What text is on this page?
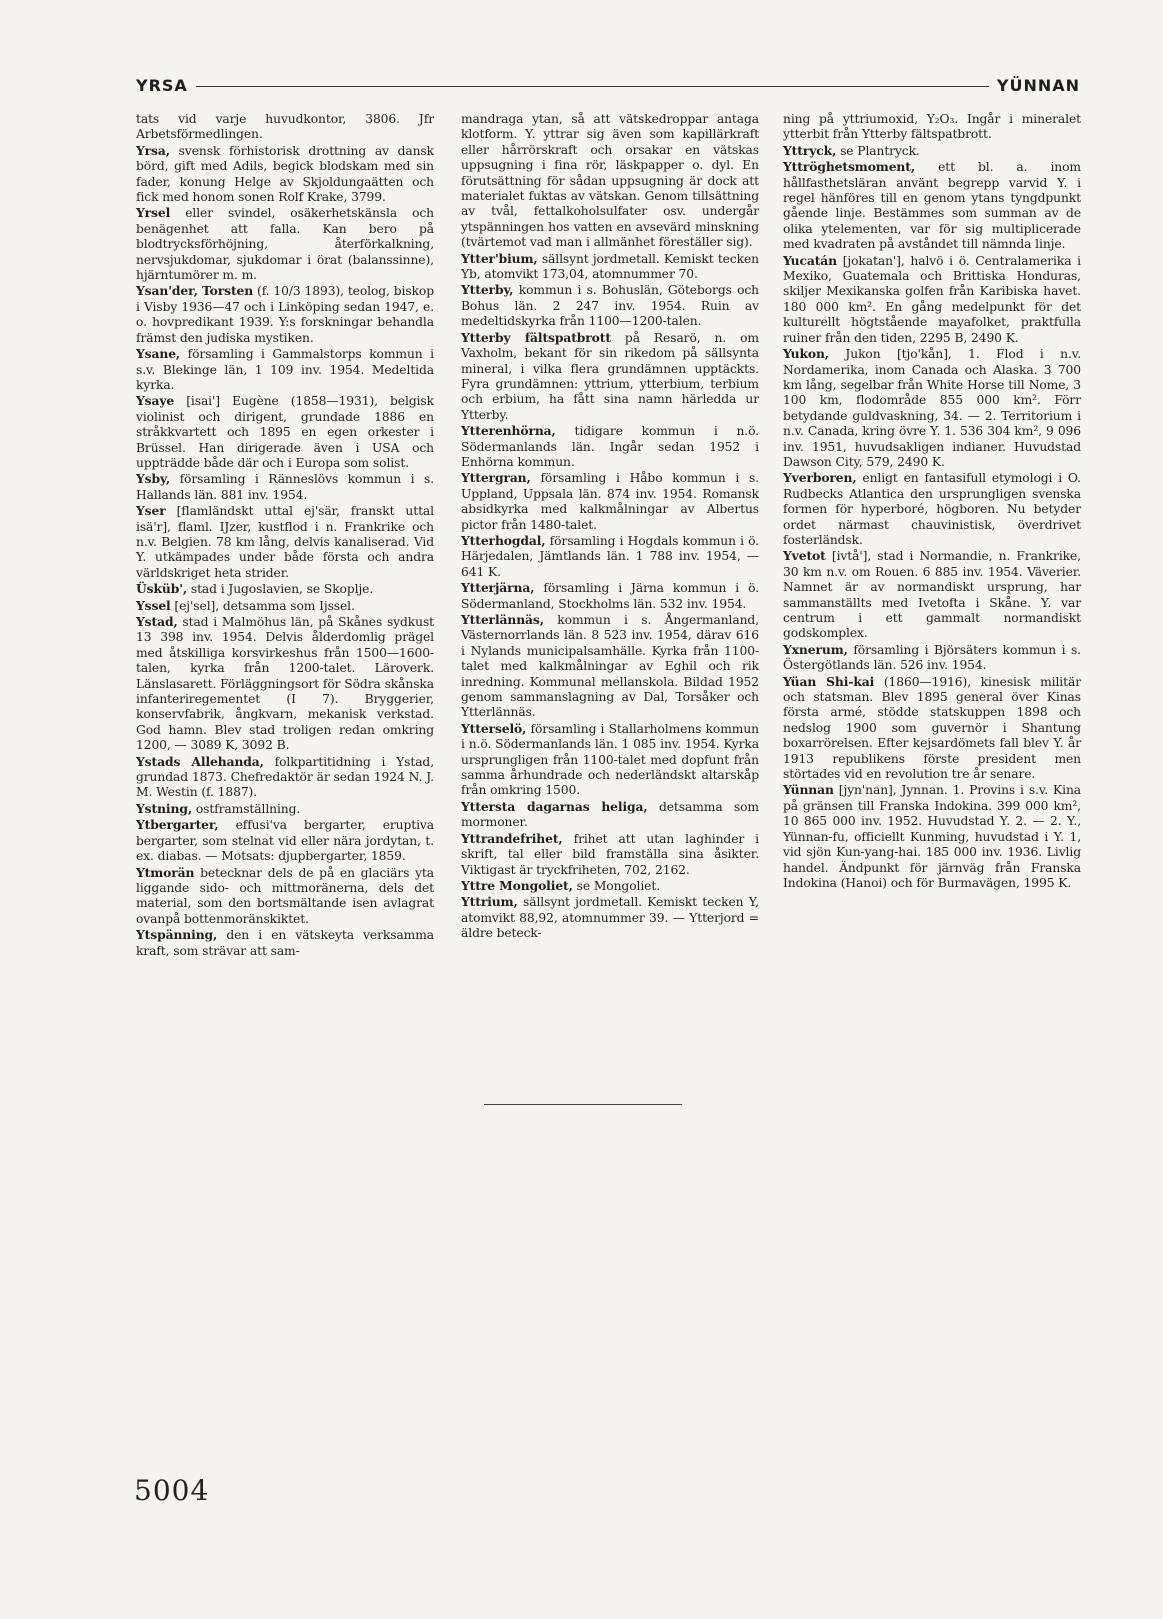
YRSA	YÜNNAN

tats vid varje huvudkontor, 3806. Jfr Arbetsförmedlingen.

Yrsa, svensk förhistorisk drottning av dansk börd, gift med Adils, begick blodskam med sin fader, konung Helge av Skjoldungaätten och fick med honom sonen Rolf Krake, 3799.

Yrsel eller svindel, osäkerhetskänsla och benägenhet att falla. Kan bero på blodtrycksförhöjning, återförkalkning, nervsjukdomar, sjukdomar i örat (balanssinne), hjärntumörer m. m.

Ysan'der, Torsten (f. 10/3 1893), teolog, biskop i Visby 1936—47 och i Linköping sedan 1947, e. o. hovpredikant 1939. Y:s forskningar behandla främst den judiska mystiken.

Ysane, församling i Gammalstorps kommun i s.v. Blekinge län, 1 109 inv. 1954. Medeltida kyrka.

Ysaye [isai'] Eugène (1858—1931), belgisk violinist och dirigent, grundade 1886 en stråkkvartett och 1895 en egen orkester i Brüssel. Han dirigerade även i USA och uppträdde både där och i Europa som solist.

Ysby, församling i Ränneslövs kommun i s. Hallands län. 881 inv. 1954.

Yser [flamländskt uttal ej'sär, franskt uttal isä'r], flaml. IJzer, kustflod i n. Frankrike och n.v. Belgien. 78 km lång, delvis kanaliserad. Vid Y. utkämpades under både första och andra världskriget heta strider.

Üsküb', stad i Jugoslavien, se Skoplje.

Yssel [ej'sel], detsamma som Ijssel.

Ystad, stad i Malmöhus län, på Skånes sydkust 13 398 inv. 1954. Delvis ålderdomlig prägel med åtskilliga korsvirkeshus från 1500—1600-talen, kyrka från 1200-talet. Läroverk. Länslasarett. Förläggningsort för Södra skånska infanteriregementet (I 7). Bryggerier, konservfabrik, ångkvarn, mekanisk verkstad. God hamn. Blev stad troligen redan omkring 1200, — 3089 K, 3092 B.

Ystads Allehanda, folkpartitidning i Ystad, grundad 1873. Chefredaktör är sedan 1924 N. J. M. Westin (f. 1887).

Ystning, ostframställning.

Ytbergarter, effusi'va bergarter, eruptiva bergarter, som stelnat vid eller nära jordytan, t. ex. diabas. — Motsats: djupbergarter, 1859.

Ytmorän betecknar dels de på en glaciärs yta liggande sido- och mittmoränerna, dels det material, som den bortsmältande isen avlagrat ovanpå bottenmoränskiktet.

Ytspänning, den i en vätskeyta verksamma kraft, som strävar att sam-

mandraga ytan, så att vätskedroppar antaga klotform. Y. yttrar sig även som kapillärkraft eller hårrörskraft och orsakar en vätskas uppsugning i fina rör, läskpapper o. dyl. En förutsättning för sådan uppsugning är dock att materialet fuktas av vätskan. Genom tillsättning av tvål, fettalkoholsulfater osv. undergår ytspänningen hos vatten en avsevärd minskning (tvärtemot vad man i allmänhet föreställer sig).

Ytter'bium, sällsynt jordmetall. Kemiskt tecken Yb, atomvikt 173,04, atomnummer 70.

Ytterby, kommun i s. Bohuslän, Göteborgs och Bohus län. 2 247 inv. 1954. Ruin av medeltidskyrka från 1100—1200-talen.

Ytterby fältspatbrott på Resarö, n. om Vaxholm, bekant för sin rikedom på sällsynta mineral, i vilka flera grundämnen upptäckts. Fyra grundämnen: yttrium, ytterbium, terbium och erbium, ha fått sina namn härledda ur Ytterby.

Ytterenhörna, tidigare kommun i n.ö. Södermanlands län. Ingår sedan 1952 i Enhörna kommun.

Yttergran, församling i Håbo kommun i s. Uppland, Uppsala län. 874 inv. 1954. Romansk absidkyrka med kalkmålningar av Albertus pictor från 1480-talet.

Ytterhogdal, församling i Hogdals kommun i ö. Härjedalen, Jämtlands län. 1 788 inv. 1954, — 641 K.

Ytterjärna, församling i Järna kommun i ö. Södermanland, Stockholms län. 532 inv. 1954.

Ytterlännäs, kommun i s. Ångermanland, Västernorrlands län. 8 523 inv. 1954, därav 616 i Nylands municipalsamhälle. Kyrka från 1100-talet med kalkmålningar av Eghil och rik inredning. Kommunal mellanskola. Bildad 1952 genom sammanslagning av Dal, Torsåker och Ytterlännäs.

Ytterselö, församling i Stallarholmens kommun i n.ö. Södermanlands län. 1 085 inv. 1954. Kyrka ursprungligen från 1100-talet med dopfunt från samma århundrade och nederländskt altarskåp från omkring 1500.

Yttersta dagarnas heliga, detsamma som mormoner.

Yttrandefrihet, frihet att utan laghinder i skrift, tal eller bild framställa sina åsikter. Viktigast är tryckfriheten, 702, 2162.

Yttre Mongoliet, se Mongoliet.

Yttrium, sällsynt jordmetall. Kemiskt tecken Y, atomvikt 88,92, atomnummer 39. — Ytterjord = äldre beteck-

ning på yttriumoxid, Y₂O₃. Ingår i mineralet ytterbit från Ytterby fältspatbrott.

Yttryck, se Plantryck.

Yttröghetsmoment, ett bl. a. inom hållfasthetsläran använt begrepp varvid Y. i regel hänföres till en genom ytans tyngdpunkt gående linje. Bestämmes som summan av de olika ytelementen, var för sig multiplicerade med kvadraten på avståndet till nämnda linje.

Yucatán [jokatan'], halvö i ö. Centralamerika i Mexiko, Guatemala och Brittiska Honduras, skiljer Mexikanska golfen från Karibiska havet. 180 000 km². En gång medelpunkt för det kulturellt högtstående mayafolket, praktfulla ruiner från den tiden, 2295 B, 2490 K.

Yukon, Jukon [tjo'kån], 1. Flod i n.v. Nordamerika, inom Canada och Alaska. 3 700 km lång, segelbar från White Horse till Nome, 3 100 km, flodområde 855 000 km². Förr betydande guldvaskning, 34. — 2. Territorium i n.v. Canada, kring övre Y. 1. 536 304 km², 9 096 inv. 1951, huvudsakligen indianer. Huvudstad Dawson City, 579, 2490 K.

Yverboren, enligt en fantasifull etymologi i O. Rudbecks Atlantica den ursprungligen svenska formen för hyperboré, högboren. Nu betyder ordet närmast chauvinistisk, överdrivet fosterländsk.

Yvetot [ivtå'], stad i Normandie, n. Frankrike, 30 km n.v. om Rouen. 6 885 inv. 1954. Väverier. Namnet är av normandiskt ursprung, har sammanställts med Ivetofta i Skåne. Y. var centrum i ett gammalt normandiskt godskomplex.

Yxnerum, församling i Björsäters kommun i s. Östergötlands län. 526 inv. 1954.

Yüan Shi-kai (1860—1916), kinesisk militär och statsman. Blev 1895 general över Kinas första armé, stödde statskuppen 1898 och nedslog 1900 som guvernör i Shantung boxarrörelsen. Efter kejsardömets fall blev Y. år 1913 republikens förste president men störtades vid en revolution tre år senare.

Yünnan [jyn'nan], Jynnan. 1. Provins i s.v. Kina på gränsen till Franska Indokina. 399 000 km², 10 865 000 inv. 1952. Huvudstad Y. 2. — 2. Y., Yünnan-fu, officiellt Kunming, huvudstad i Y. 1, vid sjön Kun-yang-hai. 185 000 inv. 1936. Livlig handel. Ändpunkt för järnväg från Franska Indokina (Hanoi) och för Burmavägen, 1995 K.

5004
